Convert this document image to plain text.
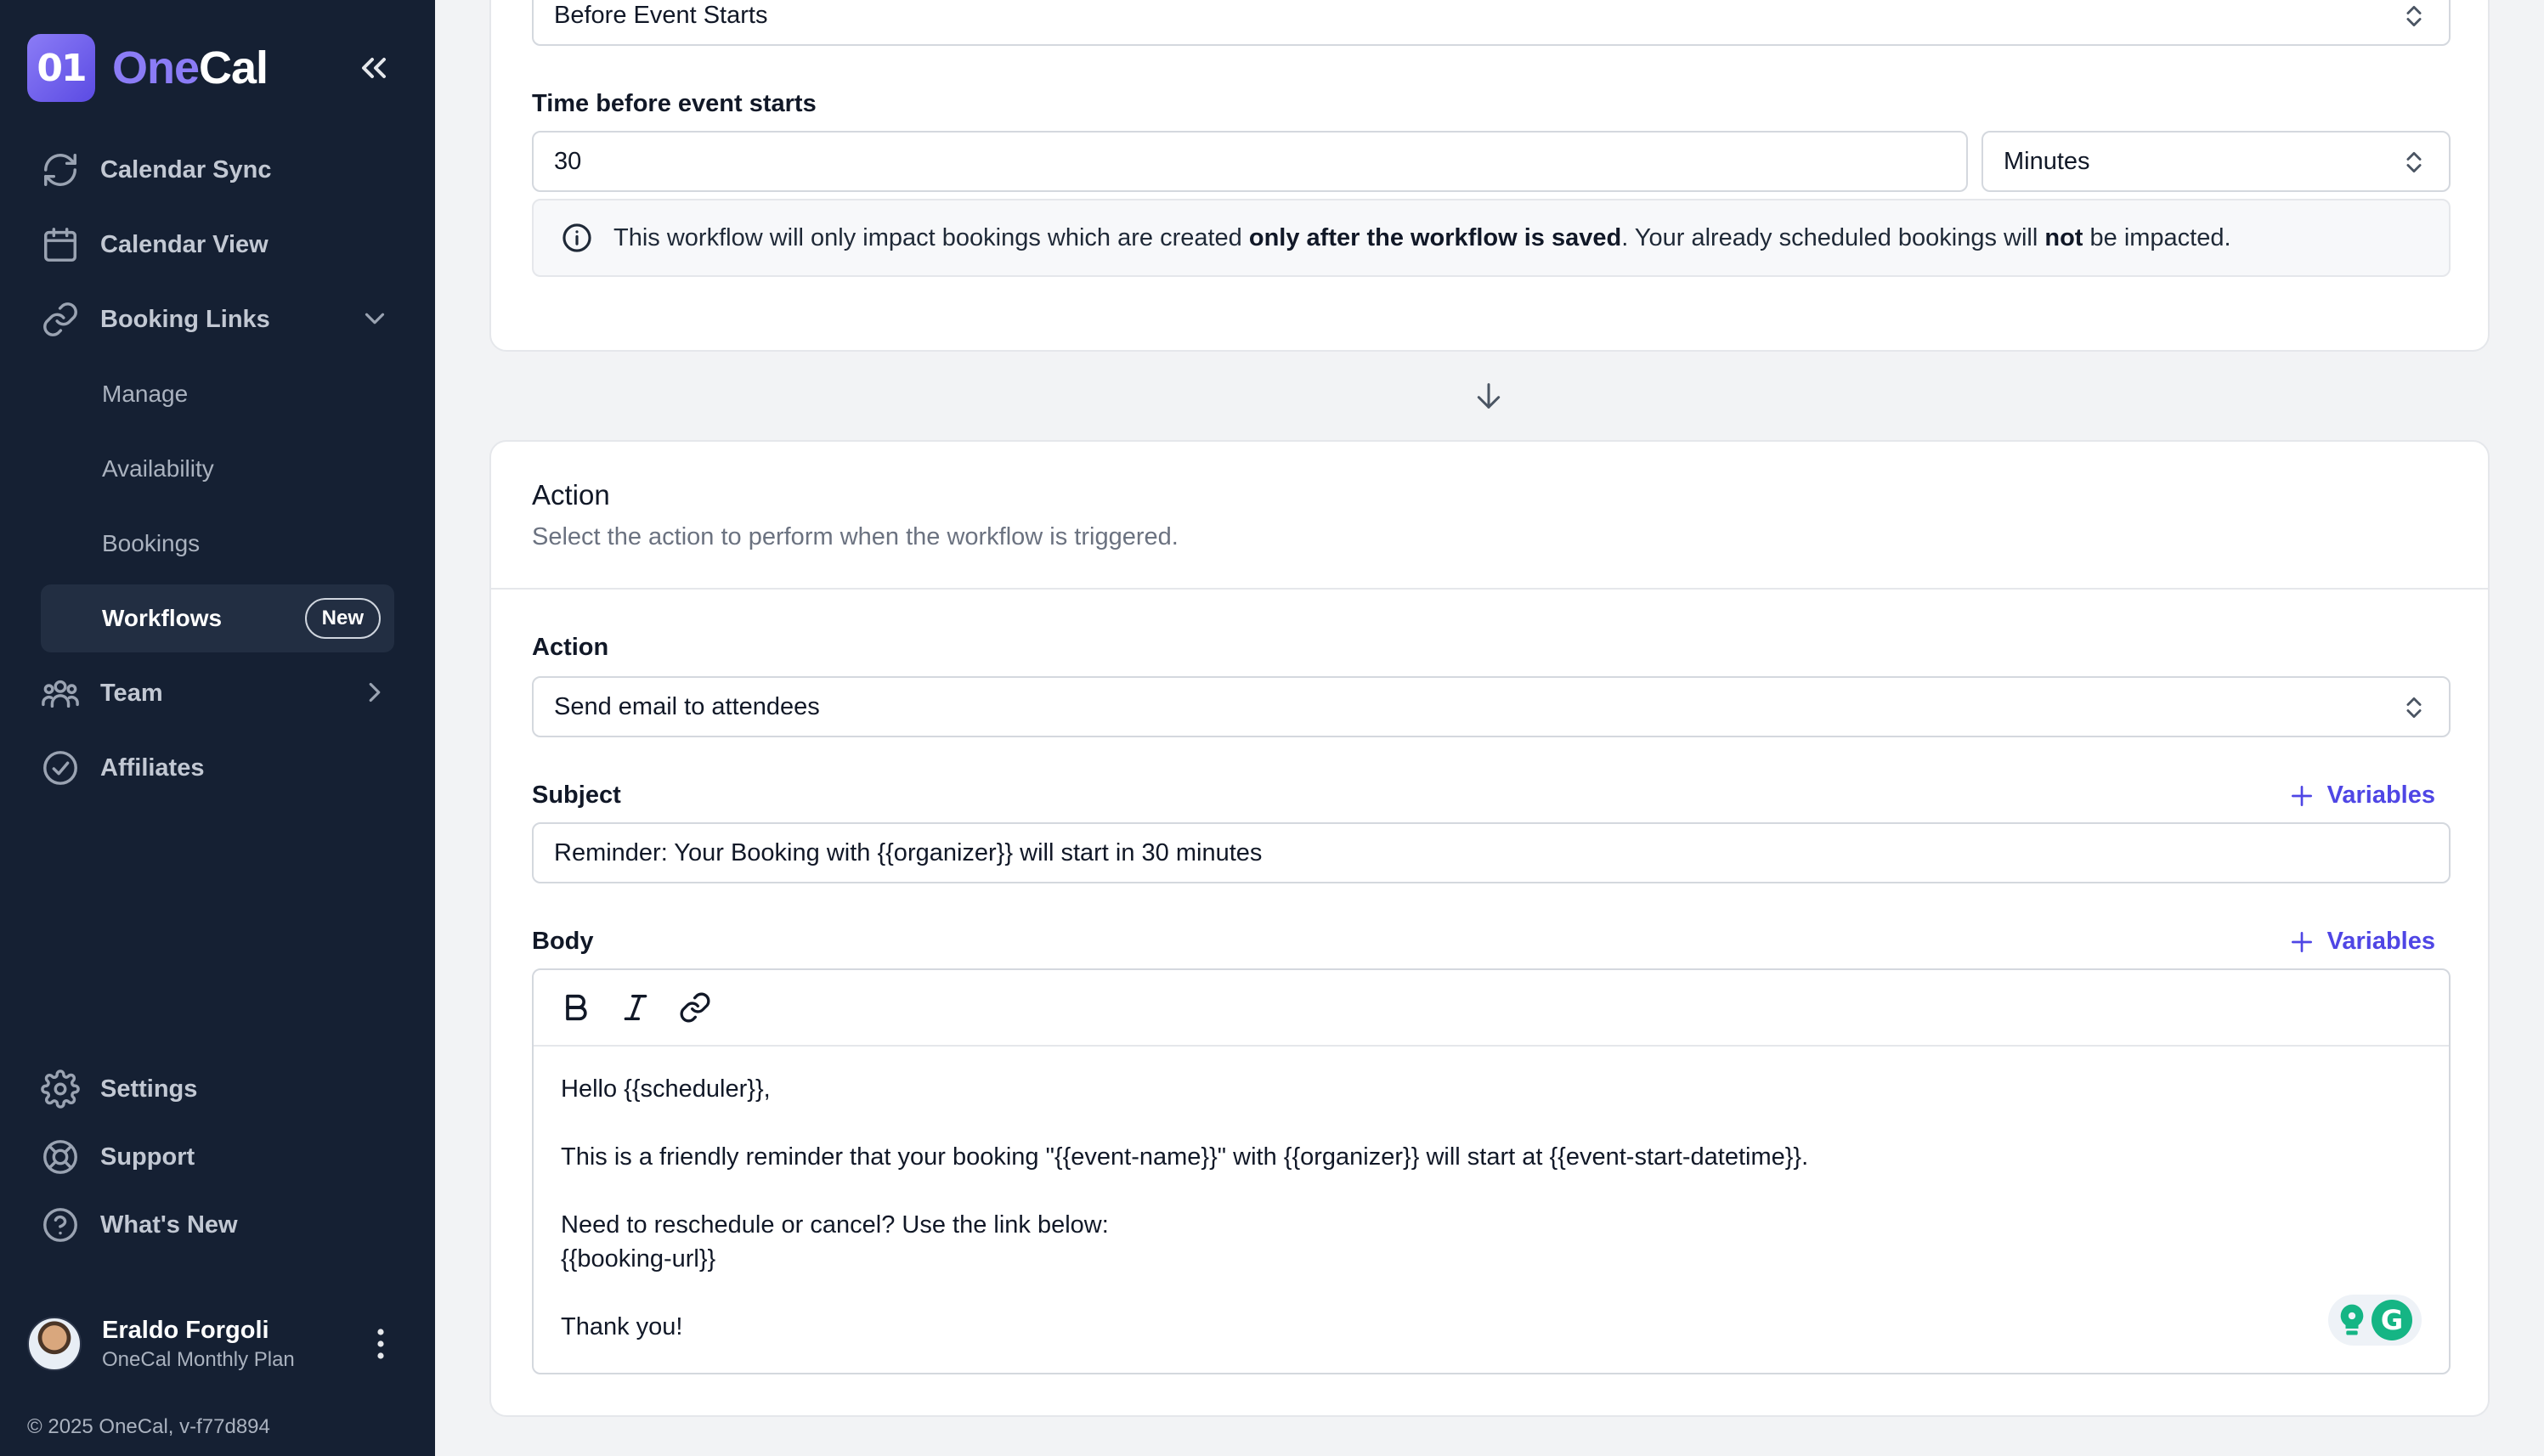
01 OneCal
Calendar Sync
Calendar View
Booking Links
Manage
Availability
Bookings
Workflows	New
Team
Affiliates
Settings
Support
What's New
Eraldo Forgoli
OneCal Monthly Plan
© 2025 OneCal, v-f77d894
Before Event Starts
Time before event starts
30	Minutes
This workflow will only impact bookings which are created only after the workflow is saved. Your already scheduled bookings will not be impacted.
Action
Select the action to perform when the workflow is triggered.
Action
Send email to attendees
Subject	Variables
Reminder: Your Booking with {{organizer}} will start in 30 minutes
Body	Variables

Hello {{scheduler}},

This is a friendly reminder that your booking "{{event-name}}" with {{organizer}} will start at {{event-start-datetime}}.

Need to reschedule or cancel? Use the link below:

{{booking-url}}

Thank you!	G
